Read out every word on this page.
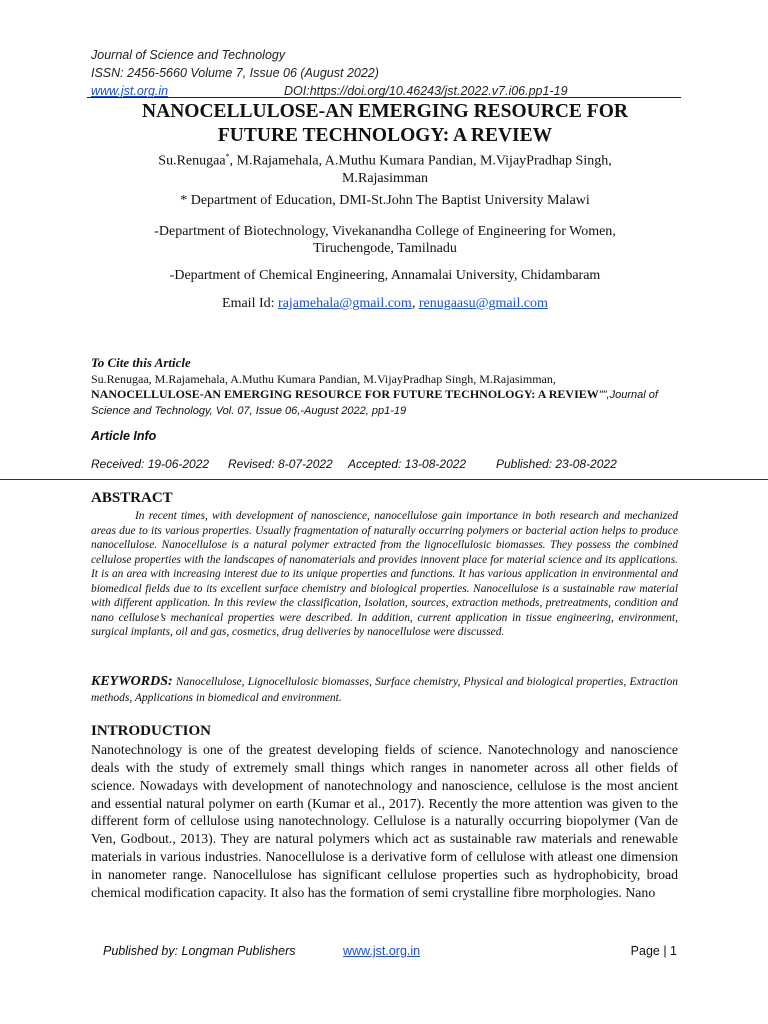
Journal of Science and Technology
ISSN: 2456-5660 Volume 7, Issue 06 (August 2022)
www.jst.org.in	DOI:https://doi.org/10.46243/jst.2022.v7.i06.pp1-19
NANOCELLULOSE-AN EMERGING RESOURCE FOR
FUTURE TECHNOLOGY: A REVIEW
Su.Renugaa*, M.Rajamehala, A.Muthu Kumara Pandian, M.VijayPradhap Singh,
M.Rajasimman
* Department of Education, DMI-St.John The Baptist University Malawi
-Department of Biotechnology, Vivekanandha College of Engineering for Women,
Tiruchengode, Tamilnadu
-Department of Chemical Engineering, Annamalai University, Chidambaram
Email Id: rajamehala@gmail.com, renugaasu@gmail.com
To Cite this Article
Su.Renugaa, M.Rajamehala, A.Muthu Kumara Pandian, M.VijayPradhap Singh, M.Rajasimman,
NANOCELLULOSE-AN EMERGING RESOURCE FOR FUTURE TECHNOLOGY: A REVIEW"",Journal of Science and Technology, Vol. 07, Issue 06,-August 2022, pp1-19
Article Info
Received: 19-06-2022	Revised: 8-07-2022	Accepted: 13-08-2022	Published: 23-08-2022
ABSTRACT
In recent times, with development of nanoscience, nanocellulose gain importance in both research and mechanized areas due to its various properties. Usually fragmentation of naturally occurring polymers or bacterial action helps to produce nanocellulose. Nanocellulose is a natural polymer extracted from the lignocellulosic biomasses. They possess the combined cellulose properties with the landscapes of nanomaterials and provides innovent place for material science and its applications. It is an area with increasing interest due to its unique properties and functions. It has various application in environmental and biomedical fields due to its excellent surface chemistry and biological properties. Nanocellulose is a sustainable raw material with different application. In this review the classification, Isolation, sources, extraction methods, pretreatments, condition and nano cellulose’s mechanical properties were described. In addition, current application in tissue engineering, environment, surgical implants, oil and gas, cosmetics, drug deliveries by nanocellulose were discussed.
KEYWORDS: Nanocellulose, Lignocellulosic biomasses, Surface chemistry, Physical and biological properties, Extraction methods, Applications in biomedical and environment.
INTRODUCTION
Nanotechnology is one of the greatest developing fields of science. Nanotechnology and nanoscience deals with the study of extremely small things which ranges in nanometer across all other fields of science. Nowadays with development of nanotechnology and nanoscience, cellulose is the most ancient and essential natural polymer on earth (Kumar et al., 2017). Recently the more attention was given to the different form of cellulose using nanotechnology. Cellulose is a naturally occurring biopolymer (Van de Ven, Godbout., 2013). They are natural polymers which act as sustainable raw materials and renewable materials in various industries. Nanocellulose is a derivative form of cellulose with atleast one dimension in nanometer range. Nanocellulose has significant cellulose properties such as hydrophobicity, broad chemical modification capacity. It also has the formation of semi crystalline fibre morphologies. Nano
Published by: Longman Publishers	www.jst.org.in	Page | 1
